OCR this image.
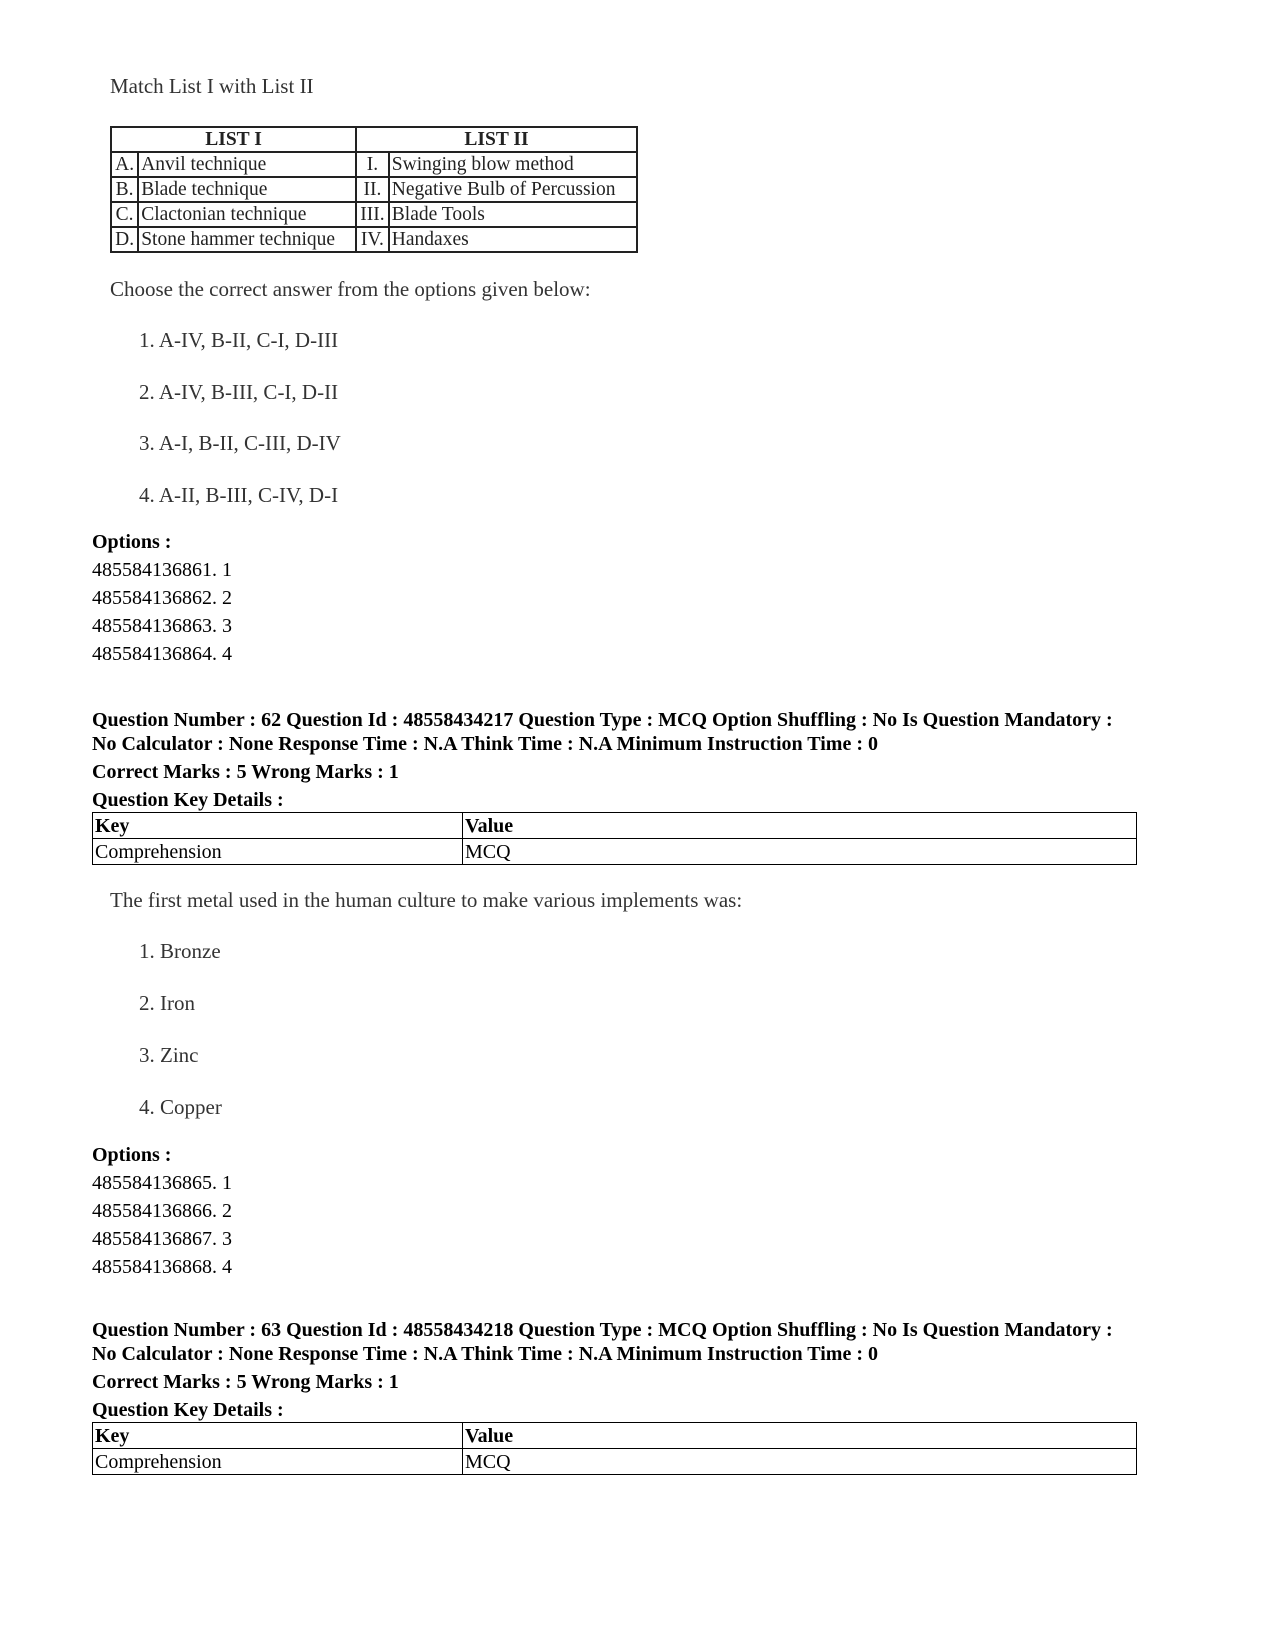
Match List I with List II
LIST I		LIST II	
A.	Anvil technique	I.	Swinging blow method
B.	Blade technique	II.	Negative Bulb of Percussion
C.	Clactonian technique	III.	Blade Tools
D.	Stone hammer technique	IV.	Handaxes
Choose the correct answer from the options given below:
1. A-IV, B-II, C-I, D-III
2. A-IV, B-III, C-I, D-II
3. A-I, B-II, C-III, D-IV
4. A-II, B-III, C-IV, D-I
Options :
485584136861. 1
485584136862. 2
485584136863. 3
485584136864. 4
Question Number : 62 Question Id : 48558434217 Question Type : MCQ Option Shuffling : No Is Question Mandatory :
No Calculator : None Response Time : N.A Think Time : N.A Minimum Instruction Time : 0
Correct Marks : 5 Wrong Marks : 1
Question Key Details :
Key	Value
Comprehension	MCQ
The first metal used in the human culture to make various implements was:
1. Bronze
2. Iron
3. Zinc
4. Copper
Options :
485584136865. 1
485584136866. 2
485584136867. 3
485584136868. 4
Question Number : 63 Question Id : 48558434218 Question Type : MCQ Option Shuffling : No Is Question Mandatory :
No Calculator : None Response Time : N.A Think Time : N.A Minimum Instruction Time : 0
Correct Marks : 5 Wrong Marks : 1
Question Key Details :
Key	Value
Comprehension	MCQ
